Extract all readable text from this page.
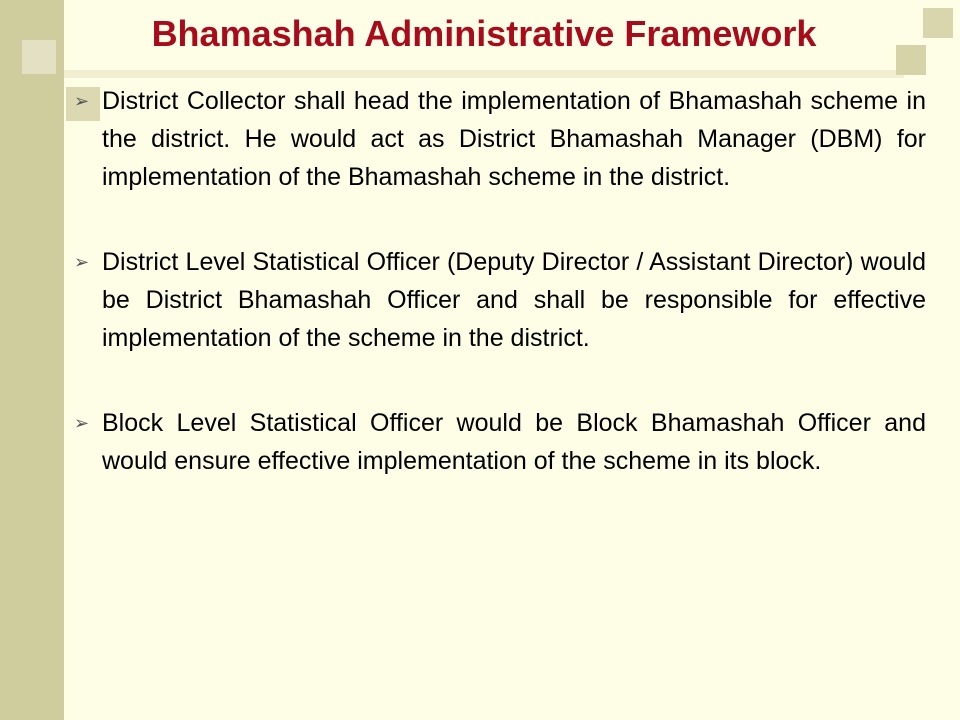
Bhamashah Administrative Framework
➢ District Collector shall head the implementation of Bhamashah scheme in the district. He would act as District Bhamashah Manager (DBM) for implementation of the Bhamashah scheme in the district.

➢ District Level Statistical Officer (Deputy Director / Assistant Director) would be District Bhamashah Officer and shall be responsible for effective implementation of the scheme in the district.

➢ Block Level Statistical Officer would be Block Bhamashah Officer and would ensure effective implementation of the scheme in its block.
